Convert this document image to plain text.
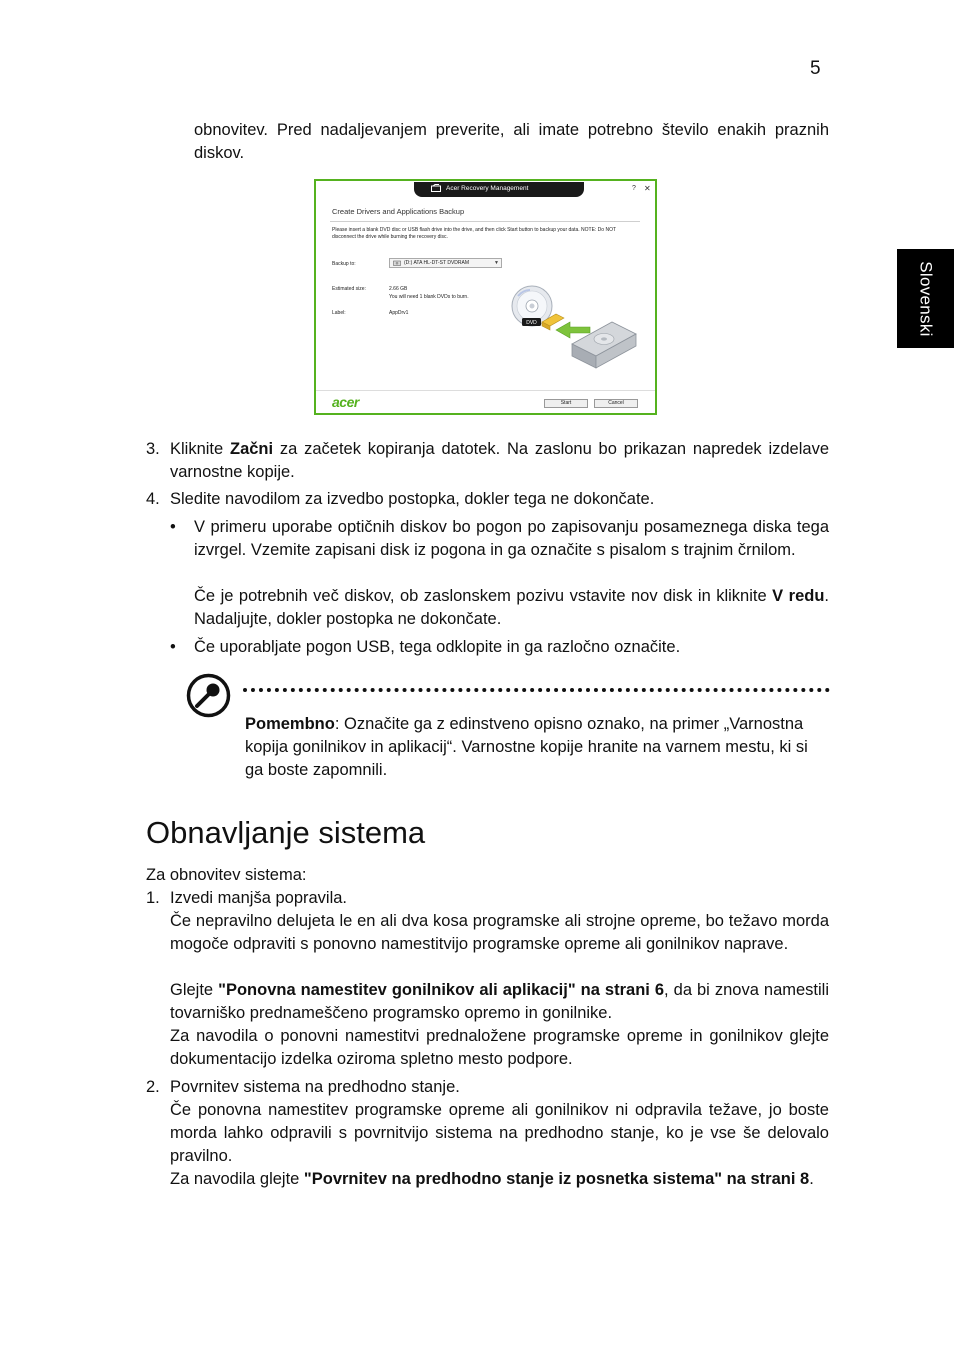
5
Slovenski
obnovitev. Pred nadaljevanjem preverite, ali imate potrebno število enakih praznih diskov.
Acer Recovery Management	? ✕
Create Drivers and Applications Backup
Please insert a blank DVD disc or USB flash drive into the drive, and then click Start button to backup your data. NOTE: Do NOT disconnect the drive while burning the recovery disc.
Backup to:	(D:) ATA HL-DT-ST DVDRAM	▼
Estimated size:	2.66 GB
You will need 1 blank DVDs to burn.
Label:	AppDrv1
DVD
acer	Start	Cancel
3. Kliknite Začni za začetek kopiranja datotek. Na zaslonu bo prikazan napredek izdelave varnostne kopije.
4. Sledite navodilom za izvedbo postopka, dokler tega ne dokončate.
• V primeru uporabe optičnih diskov bo pogon po zapisovanju posameznega diska tega izvrgel. Vzemite zapisani disk iz pogona in ga označite s pisalom s trajnim črnilom.
Če je potrebnih več diskov, ob zaslonskem pozivu vstavite nov disk in kliknite V redu. Nadaljujte, dokler postopka ne dokončate.
• Če uporabljate pogon USB, tega odklopite in ga razločno označite.
Pomembno: Označite ga z edinstveno opisno oznako, na primer „Varnostna kopija gonilnikov in aplikacij“. Varnostne kopije hranite na varnem mestu, ki si ga boste zapomnili.
Obnavljanje sistema
Za obnovitev sistema:
1. Izvedi manjša popravila.
Če nepravilno delujeta le en ali dva kosa programske ali strojne opreme, bo težavo morda mogoče odpraviti s ponovno namestitvijo programske opreme ali gonilnikov naprave.
Glejte "Ponovna namestitev gonilnikov ali aplikacij" na strani 6, da bi znova namestili tovarniško prednameščeno programsko opremo in gonilnike.
Za navodila o ponovni namestitvi prednaložene programske opreme in gonilnikov glejte dokumentacijo izdelka oziroma spletno mesto podpore.
2. Povrnitev sistema na predhodno stanje.
Če ponovna namestitev programske opreme ali gonilnikov ni odpravila težave, jo boste morda lahko odpravili s povrnitvijo sistema na predhodno stanje, ko je vse še delovalo pravilno.
Za navodila glejte "Povrnitev na predhodno stanje iz posnetka sistema" na strani 8.
